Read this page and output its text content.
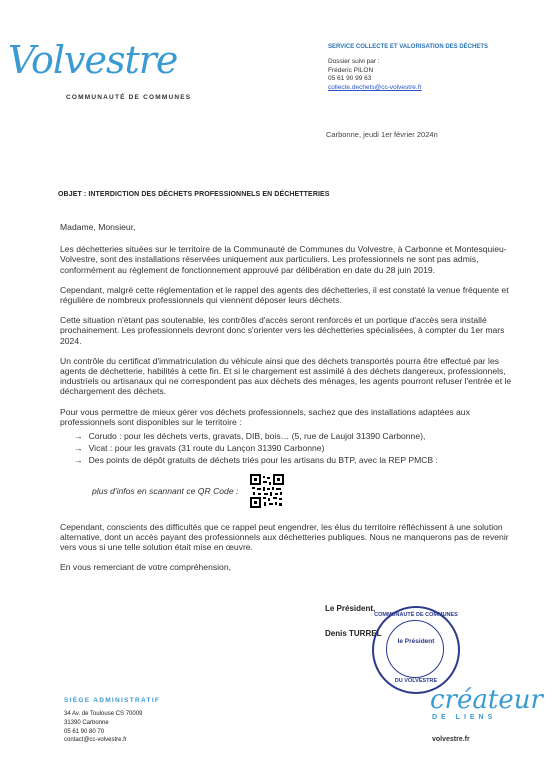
Volvestre
COMMUNAUTÉ DE COMMUNES
SERVICE COLLECTE ET VALORISATION DES DÉCHETS
Dossier suivi par :
Fréderic PILON
05 61 90 99 63
collecte.dechets@cc-volvestre.fr
Carbonne, jeudi 1er février 2024n
OBJET : INTERDICTION DES DÉCHETS PROFESSIONNELS EN DÉCHETTERIES

Madame, Monsieur,

Les déchetteries situées sur le territoire de la Communauté de Communes du Volvestre, à Carbonne et Montesquieu-Volvestre, sont des installations réservées uniquement aux particuliers. Les professionnels ne sont pas admis, conformément au règlement de fonctionnement approuvé par délibération en date du 28 juin 2019.

Cependant, malgré cette réglementation et le rappel des agents des déchetteries, il est constaté la venue fréquente et régulière de nombreux professionnels qui viennent déposer leurs déchets.

Cette situation n'étant pas soutenable, les contrôles d'accès seront renforcés et un portique d'accès sera installé prochainement. Les professionnels devront donc s'orienter vers les déchetteries spécialisées, à compter du 1er mars 2024.

Un contrôle du certificat d'immatriculation du véhicule ainsi que des déchets transportés pourra être effectué par les agents de déchetterie, habilités à cette fin. Et si le chargement est assimilé à des déchets dangereux, professionnels, industriels ou artisanaux qui ne correspondent pas aux déchets des ménages, les agents pourront refuser l'entrée et le déchargement des déchets.

Pour vous permettre de mieux gérer vos déchets professionnels, sachez que des installations adaptées aux professionnels sont disponibles sur le territoire :

→ Corudo : pour les déchets verts, gravats, DIB, bois… (5, rue de Laujol 31390 Carbonne),
→ Vicat : pour les gravats (31 route du Lançon 31390 Carbonne)
→ Des points de dépôt gratuits de déchets triés pour les artisans du BTP, avec la REP PMCB :
plus d'infos en scannant ce QR Code :

Cependant, conscients des difficultés que ce rappel peut engendrer, les élus du territoire réfléchissent à une solution alternative, dont un accès payant des professionnels aux déchetteries publiques. Nous ne manquerons pas de revenir vers vous si une telle solution était mise en œuvre.

En vous remerciant de votre compréhension,

COMMUNAUTÉ DE COMMUNES
le Président
DU VOLVESTRE
Le Président,
Denis TURREL
SIÈGE ADMINISTRATIF
34 Av. de Toulouse CS 70009
31390 Carbonne
05 61 90 80 70
contact@cc-volvestre.fr
créateur
DE LIENS
volvestre.fr
